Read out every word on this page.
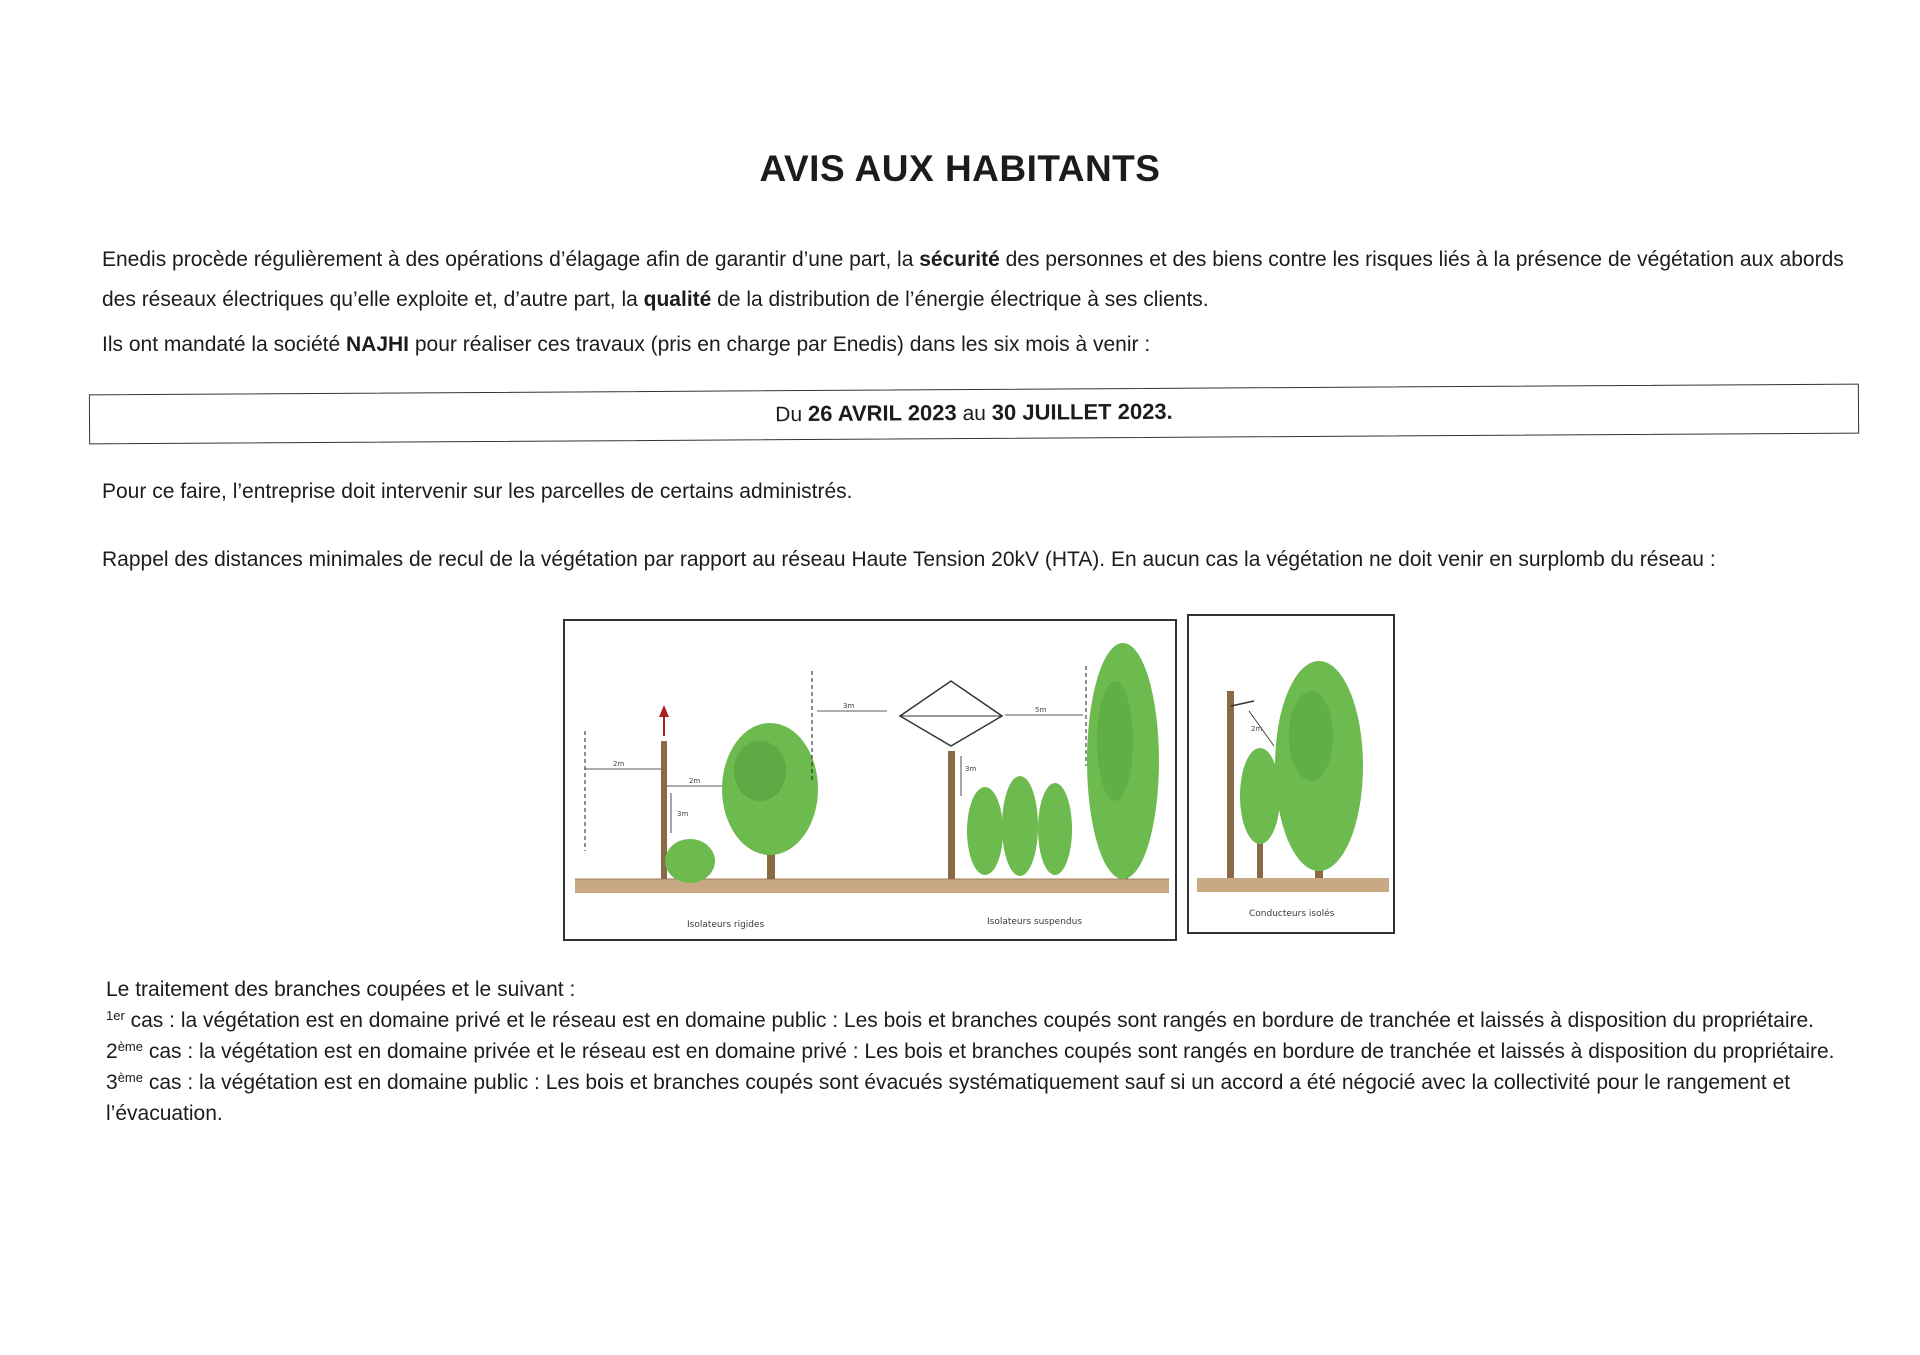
AVIS AUX HABITANTS

Enedis procède régulièrement à des opérations d’élagage afin de garantir d’une part, la sécurité des personnes et des biens contre les risques liés à la présence de végétation aux abords des réseaux électriques qu’elle exploite et, d’autre part, la qualité de la distribution de l’énergie électrique à ses clients.

Ils ont mandaté la société NAJHI pour réaliser ces travaux (pris en charge par Enedis) dans les six mois à venir :

Du 26 AVRIL 2023 au 30 JUILLET 2023.

Pour ce faire, l’entreprise doit intervenir sur les parcelles de certains administrés.

Rappel des distances minimales de recul de la végétation par rapport au réseau Haute Tension 20kV (HTA). En aucun cas la végétation ne doit venir en surplomb du réseau :

2m
2m
3m
3m	5m
3m
Isolateurs rigides	Isolateurs suspendus
2m
Conducteurs isolés

Le traitement des branches coupées et le suivant :

$^{1er}$ cas : la végétation est en domaine privé et le réseau est en domaine public : Les bois et branches coupés sont rangés en bordure de tranchée et laissés à disposition du propriétaire.

2ème cas : la végétation est en domaine privée et le réseau est en domaine privé : Les bois et branches coupés sont rangés en bordure de tranchée et laissés à disposition du propriétaire.

3ème cas : la végétation est en domaine public : Les bois et branches coupés sont évacués systématiquement sauf si un accord a été négocié avec la collectivité pour le rangement et l’évacuation.
